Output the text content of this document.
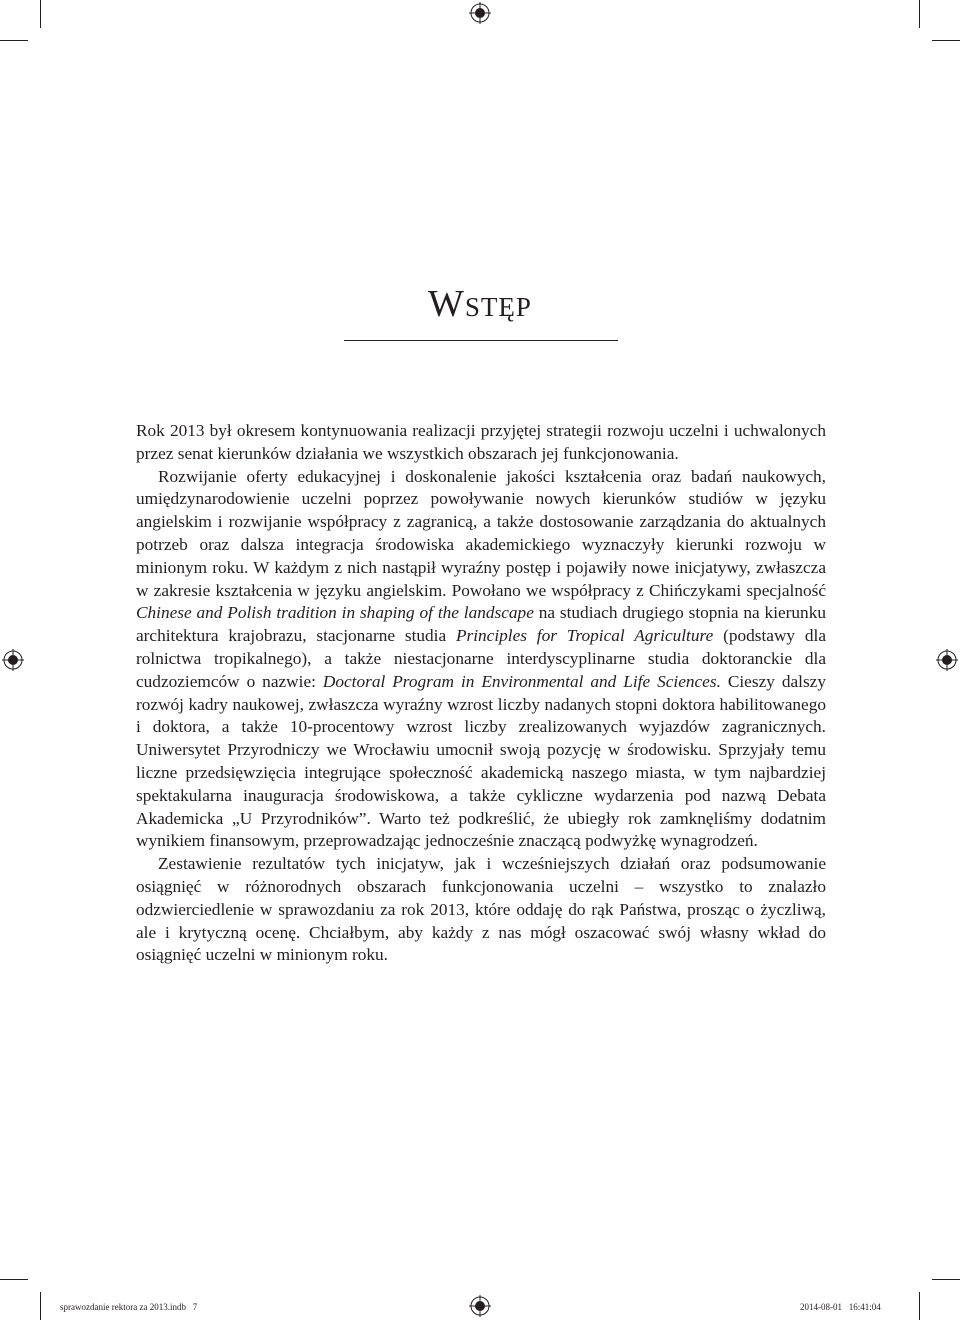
Wstęp

Rok 2013 był okresem kontynuowania realizacji przyjętej strategii rozwoju uczelni i uchwalonych przez senat kierunków działania we wszystkich obszarach jej funkcjonowania.

Rozwijanie oferty edukacyjnej i doskonalenie jakości kształcenia oraz badań naukowych, umiędzynarodowienie uczelni poprzez powoływanie nowych kierunków studiów w języku angielskim i rozwijanie współpracy z zagranicą, a także dostosowanie zarządzania do aktualnych potrzeb oraz dalsza integracja środowiska akademickiego wyznaczyły kierunki rozwoju w minionym roku. W każdym z nich nastąpił wyraźny postęp i pojawiły nowe inicjatywy, zwłaszcza w zakresie kształcenia w języku angielskim. Powołano we współpracy z Chińczykami specjalność Chinese and Polish tradition in shaping of the landscape na studiach drugiego stopnia na kierunku architektura krajobrazu, stacjonarne studia Principles for Tropical Agriculture (podstawy dla rolnictwa tropikalnego), a także niestacjonarne interdyscyplinarne studia doktoranckie dla cudzoziemców o nazwie: Doctoral Program in Environmental and Life Sciences. Cieszy dalszy rozwój kadry naukowej, zwłaszcza wyraźny wzrost liczby nadanych stopni doktora habilitowanego i doktora, a także 10-procentowy wzrost liczby zrealizowanych wyjazdów zagranicznych. Uniwersytet Przyrodniczy we Wrocławiu umocnił swoją pozycję w środowisku. Sprzyjały temu liczne przedsięwzięcia integrujące społeczność akademicką naszego miasta, w tym najbardziej spektakularna inauguracja środowiskowa, a także cykliczne wydarzenia pod nazwą Debata Akademicka „U Przyrodników”. Warto też podkreślić, że ubiegły rok zamknęliśmy dodatnim wynikiem finansowym, przeprowadzając jednocześnie znaczącą podwyżkę wynagrodzeń.

Zestawienie rezultatów tych inicjatyw, jak i wcześniejszych działań oraz podsumowanie osiągnięć w różnorodnych obszarach funkcjonowania uczelni – wszystko to znalazło odzwierciedlenie w sprawozdaniu za rok 2013, które oddaję do rąk Państwa, prosząc o życzliwą, ale i krytyczną ocenę. Chciałbym, aby każdy z nas mógł oszacować swój własny wkład do osiągnięć uczelni w minionym roku.

sprawozdanie rektora za 2013.indb   7	2014-08-01   16:41:04
